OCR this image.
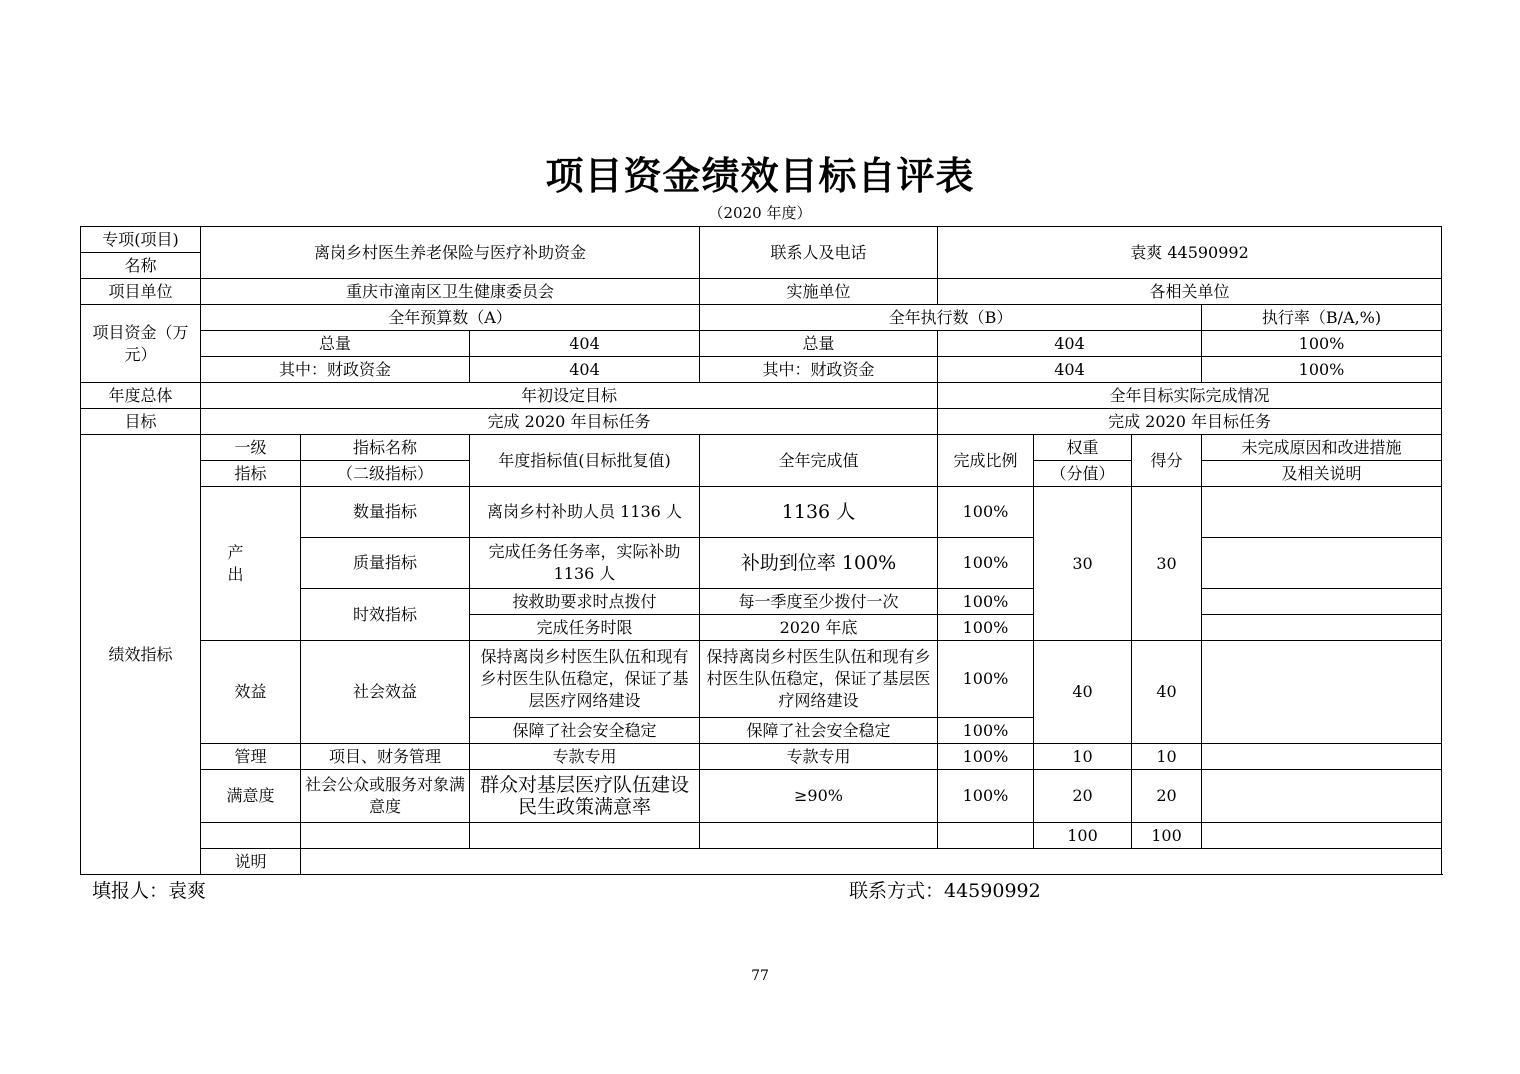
项目资金绩效目标自评表
（2020 年度）
专项(项目)	离岗乡村医生养老保险与医疗补助资金			联系人及电话	袁爽 44590992			
名称								
项目单位	重庆市潼南区卫生健康委员会			实施单位	各相关单位			
项目资金（万元）	全年预算数（A）			全年执行数（B）				执行率（B/A,%)
	总量		404	总量	404			100%
	其中：财政资金		404	其中：财政资金	404			100%
年度总体	年初设定目标				全年目标实际完成情况			
目标	完成 2020 年目标任务				完成 2020 年目标任务			
绩效指标	一级	指标名称	年度指标值(目标批复值)	全年完成值	完成比例	权重	得分	未完成原因和改进措施
	指标	（二级指标）				（分值）		及相关说明
	产出	数量指标	离岗乡村补助人员 1136 人	1136 人	100%	30	30	
		质量指标	完成任务任务率，实际补助 1136 人	补助到位率 100%	100%			
		时效指标	按救助要求时点拨付	每一季度至少拨付一次	100%			
			完成任务时限	2020 年底	100%			
	效益	社会效益	保持离岗乡村医生队伍和现有乡村医生队伍稳定，保证了基层医疗网络建设	保持离岗乡村医生队伍和现有乡村医生队伍稳定，保证了基层医疗网络建设	100%	40	40	
			保障了社会安全稳定	保障了社会安全稳定	100%			
	管理	项目、财务管理	专款专用	专款专用	100%	10	10	
	满意度	社会公众或服务对象满意度	群众对基层医疗队伍建设民生政策满意率	≥90%	100%	20	20	
						100	100	
	说明							
填报人：袁爽	联系方式：44590992
77
